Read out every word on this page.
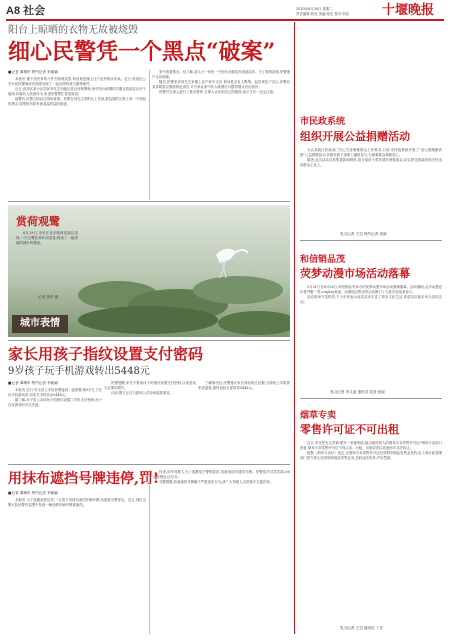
A8 社会	2020年6月30日 星期二
责任编辑:张荧 美编:张佳 校对:刘洁	十堰晚报
阳台上晾晒的衣物无故被烧毁
细心民警凭一个黑点“破案”
■记者 谭琳军 特约记者 李朝颖

本报讯 楼下居民家的几件衣物被烧毁,原因竟是楼上住户乱扔烟头所致。近日,张湾区公安分局民警就成功调查处理了一起这样的高空抛物案件。

近日,张湾区某小区居民刘先生向辖区派出所报警称,家中阳台晾晒的衣服无故被烧出多个破洞,怀疑有人故意所为,希望民警帮忙查清原因。

接警后,民警立即赶往现场查看。民警在刘先生家阳台上发现,被烧毁的衣物上有一个明显的黑点,周围的布料有被高温灼烧的痕迹。

家中查看情况。经了解,前几日一家的一个阳台衣服也发现被烧坏。为了查明真相,民警逐户走访调查。

随后,民警来到刘先生家楼上住户家中走访,询问是否有人吸烟。起初该住户否认,民警向其讲明高空抛物的危害后,对方承认家中有人吸烟后习惯将烟头扔出窗外。

民警对当事人进行了批评教育,当事人认识到自己的错误,表示今后一定会注意。

赏荷观鹭

6月29日,市民在北京路荷花池边赏荷,一只白鹭在荷叶间觅食,构成了一幅美丽的城市风景画。

记者 周玲 摄
城市表情
家长用孩子指纹设置支付密码
9岁孩子玩手机游戏转出5448元
■记者 谭琳军 特约记者 李朝颖

本报讯 近日,竹山县公安局民警接到一起报警,称9岁儿子在玩手机游戏时,用家长手机转出5448元。

据了解,孩子的父亲用孩子的指纹设置了手机支付密码,孩子在玩游戏时多次充值。

民警提醒,家长不要用孩子的指纹设置支付密码,以免造成不必要的损失。

目前,警方正在与游戏公司协商退款事宜。

了解情况后,民警建议家长保存相关证据,与游戏公司联系申请退款,最终追回全部款项5448元。

用抹布遮挡号牌违停,罚!
■记者 谭琳军 特约记者 李朝颖

本报讯 为了逃避违停处罚,一名男子用抹布遮挡车辆号牌,结果被交警查处。近日,城区交警大队民警在巡逻中发现一辆违停车辆号牌被遮挡。

经查,该车驾驶人为了逃避电子警察抓拍,故意用抹布遮挡号牌。民警依法对其罚款200元,驾驶证记12分。

交警提醒,故意遮挡号牌属于严重违法行为,请广大驾驶人自觉遵守交通法规。

市民政系统
组织开展公益捐赠活动

为认真践行民政部门关心关爱困难群众工作要求,日前,市民政系统开展了“爱心捐赠献真情”公益捐赠活动,各级民政干部职工踊跃参与,为困难群众奉献爱心。

据悉,此次活动共募集善款和物资,将全部用于帮扶城乡困难群众,切实把党和政府的关怀送到群众心坎上。

见习记者 王翌 特约记者 周斌
和信销品茂
荧梦动漫市场活动落幕

5月31日至6月28日,和信销品茂举办的荧梦动漫市场活动圆满落幕。活动期间,众多动漫爱好者齐聚一堂,cosplay表演、动漫周边售卖等活动吸引了大批市民前来参与。

活动现场气氛热烈,不少市民表示此次活动丰富了周末文化生活,希望以后能多举办类似活动。

见习记者 李文凌 通讯员 武爱 张丽
烟草专卖
零售许可证不可出租

近日,市民张先生咨询:想开一家便利店,能否租用别人的烟草专卖零售许可证?烟草专卖部门回复:烟草专卖零售许可证不得买卖、出租、出借或者以其他形式非法转让。

根据《烟草专卖法》规定,无烟草专卖零售许可证经营烟草制品零售业务的,由工商行政管理部门责令停止经营烟草制品零售业务,没收违法所得,并处罚款。

见习记者 王翌 通讯员 丁亮
